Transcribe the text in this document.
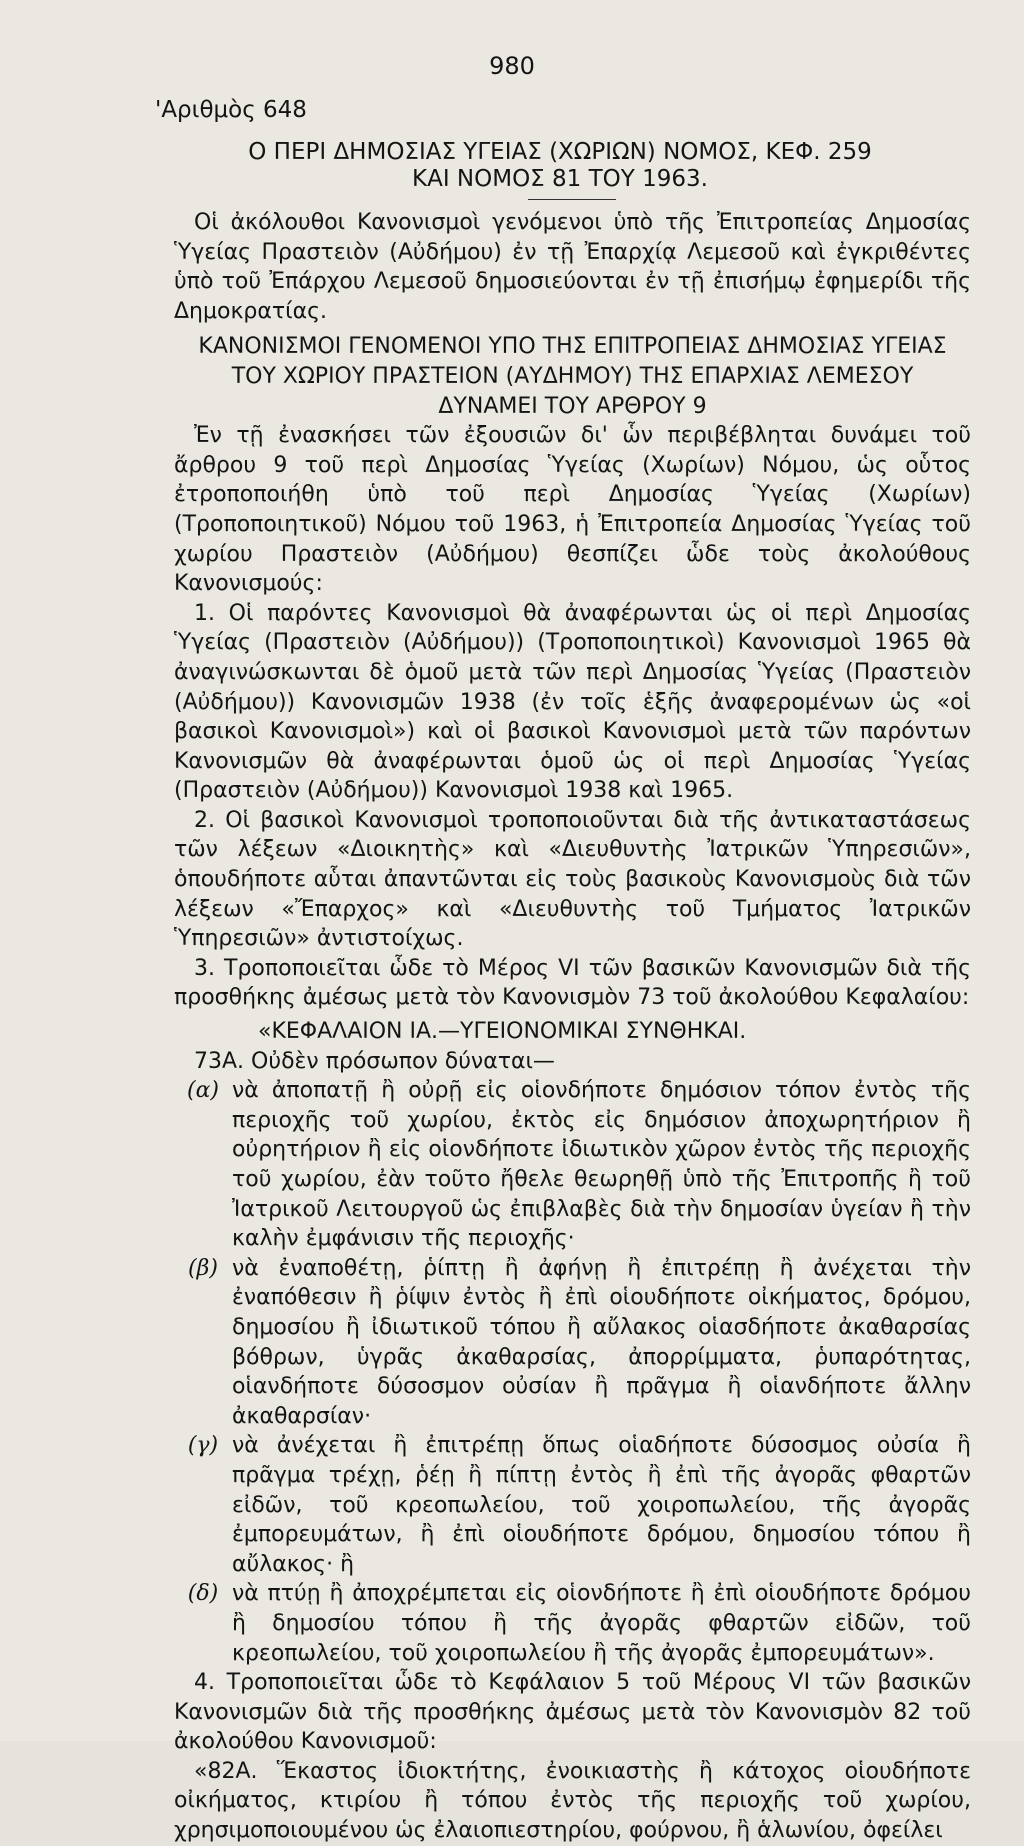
980
'Αριθμὸς 648
Ο ΠΕΡΙ ΔΗΜΟΣΙΑΣ ΥΓΕΙΑΣ (ΧΩΡΙΩΝ) ΝΟΜΟΣ, ΚΕΦ. 259
ΚΑΙ ΝΟΜΟΣ 81 ΤΟΥ 1963.

Οἱ ἀκόλουθοι Κανονισμοὶ γενόμενοι ὑπὸ τῆς Ἐπιτροπείας Δημοσίας Ὑγείας Πραστειὸν (Αὐδήμου) ἐν τῇ Ἐπαρχίᾳ Λεμεσοῦ καὶ ἐγκριθέντες ὑπὸ τοῦ Ἐπάρχου Λεμεσοῦ δημοσιεύονται ἐν τῇ ἐπισήμῳ ἐφημερίδι τῆς Δημοκρατίας.

ΚΑΝΟΝΙΣΜΟΙ ΓΕΝΟΜΕΝΟΙ ΥΠΟ ΤΗΣ ΕΠΙΤΡΟΠΕΙΑΣ ΔΗΜΟΣΙΑΣ ΥΓΕΙΑΣ ΤΟΥ ΧΩΡΙΟΥ ΠΡΑΣΤΕΙΟΝ (ΑΥΔΗΜΟΥ) ΤΗΣ ΕΠΑΡΧΙΑΣ ΛΕΜΕΣΟΥ ΔΥΝΑΜΕΙ ΤΟΥ ΑΡΘΡΟΥ 9

Ἐν τῇ ἐνασκήσει τῶν ἐξουσιῶν δι' ὧν περιβέβληται δυνάμει τοῦ ἄρθρου 9 τοῦ περὶ Δημοσίας Ὑγείας (Χωρίων) Νόμου, ὡς οὗτος ἐτροποποιήθη ὑπὸ τοῦ περὶ Δημοσίας Ὑγείας (Χωρίων) (Τροποποιητικοῦ) Νόμου τοῦ 1963, ἡ Ἐπιτροπεία Δημοσίας Ὑγείας τοῦ χωρίου Πραστειὸν (Αὐδήμου) θεσπίζει ὧδε τοὺς ἀκολούθους Κανονισμούς:

1. Οἱ παρόντες Κανονισμοὶ θὰ ἀναφέρωνται ὡς οἱ περὶ Δημοσίας Ὑγείας (Πραστειὸν (Αὐδήμου)) (Τροποποιητικοὶ) Κανονισμοὶ 1965 θὰ ἀναγινώσκωνται δὲ ὁμοῦ μετὰ τῶν περὶ Δημοσίας Ὑγείας (Πραστειὸν (Αὐδήμου)) Κανονισμῶν 1938 (ἐν τοῖς ἑξῆς ἀναφερομένων ὡς «οἱ βασικοὶ Κανονισμοὶ») καὶ οἱ βασικοὶ Κανονισμοὶ μετὰ τῶν παρόντων Κανονισμῶν θὰ ἀναφέρωνται ὁμοῦ ὡς οἱ περὶ Δημοσίας Ὑγείας (Πραστειὸν (Αὐδήμου)) Κανονισμοὶ 1938 καὶ 1965.

2. Οἱ βασικοὶ Κανονισμοὶ τροποποιοῦνται διὰ τῆς ἀντικαταστάσεως τῶν λέξεων «Διοικητὴς» καὶ «Διευθυντὴς Ἰατρικῶν Ὑπηρεσιῶν», ὁπουδήποτε αὗται ἀπαντῶνται εἰς τοὺς βασικοὺς Κανονισμοὺς διὰ τῶν λέξεων «Ἔπαρχος» καὶ «Διευθυντὴς τοῦ Τμήματος Ἰατρικῶν Ὑπηρεσιῶν» ἀντιστοίχως.

3. Τροποποιεῖται ὧδε τὸ Μέρος VI τῶν βασικῶν Κανονισμῶν διὰ τῆς προσθήκης ἀμέσως μετὰ τὸν Κανονισμὸν 73 τοῦ ἀκολούθου Κεφαλαίου:

«ΚΕΦΑΛΑΙΟΝ ΙΑ.—ΥΓΕΙΟΝΟΜΙΚΑΙ ΣΥΝΘΗΚΑΙ.

73Α. Οὐδὲν πρόσωπον δύναται—

(α) νὰ ἀποπατῇ ἢ οὐρῇ εἰς οἱονδήποτε δημόσιον τόπον ἐντὸς τῆς περιοχῆς τοῦ χωρίου, ἐκτὸς εἰς δημόσιον ἀποχωρητήριον ἢ οὐρητήριον ἢ εἰς οἱονδήποτε ἰδιωτικὸν χῶρον ἐντὸς τῆς περιοχῆς τοῦ χωρίου, ἐὰν τοῦτο ἤθελε θεωρηθῇ ὑπὸ τῆς Ἐπιτροπῆς ἢ τοῦ Ἰατρικοῦ Λειτουργοῦ ὡς ἐπιβλαβὲς διὰ τὴν δημοσίαν ὑγείαν ἢ τὴν καλὴν ἐμφάνισιν τῆς περιοχῆς·
(β) νὰ ἐναποθέτῃ, ῥίπτῃ ἢ ἀφήνῃ ἢ ἐπιτρέπῃ ἢ ἀνέχεται τὴν ἐναπόθεσιν ἢ ῥίψιν ἐντὸς ἢ ἐπὶ οἱουδήποτε οἰκήματος, δρόμου, δημοσίου ἢ ἰδιωτικοῦ τόπου ἢ αὔλακος οἱασδήποτε ἀκαθαρσίας βόθρων, ὑγρᾶς ἀκαθαρσίας, ἀπορρίμματα, ῥυπαρότητας, οἱανδήποτε δύσοσμον οὐσίαν ἢ πρᾶγμα ἢ οἱανδήποτε ἄλλην ἀκαθαρσίαν·
(γ) νὰ ἀνέχεται ἢ ἐπιτρέπῃ ὅπως οἱαδήποτε δύσοσμος οὐσία ἢ πρᾶγμα τρέχῃ, ῥέῃ ἢ πίπτῃ ἐντὸς ἢ ἐπὶ τῆς ἀγορᾶς φθαρτῶν εἰδῶν, τοῦ κρεοπωλείου, τοῦ χοιροπωλείου, τῆς ἀγορᾶς ἐμπορευμάτων, ἢ ἐπὶ οἱουδήποτε δρόμου, δημοσίου τόπου ἢ αὔλακος· ἢ
(δ) νὰ πτύῃ ἢ ἀποχρέμπεται εἰς οἱονδήποτε ἢ ἐπὶ οἱουδήποτε δρόμου ἢ δημοσίου τόπου ἢ τῆς ἀγορᾶς φθαρτῶν εἰδῶν, τοῦ κρεοπωλείου, τοῦ χοιροπωλείου ἢ τῆς ἀγορᾶς ἐμπορευμάτων».

4. Τροποποιεῖται ὧδε τὸ Κεφάλαιον 5 τοῦ Μέρους VI τῶν βασικῶν Κανονισμῶν διὰ τῆς προσθήκης ἀμέσως μετὰ τὸν Κανονισμὸν 82 τοῦ ἀκολούθου Κανονισμοῦ:

«82Α. Ἕκαστος ἰδιοκτήτης, ἐνοικιαστὴς ἢ κάτοχος οἱουδήποτε οἰκήματος, κτιρίου ἢ τόπου ἐντὸς τῆς περιοχῆς τοῦ χωρίου, χρησιμοποιουμένου ὡς ἐλαιοπιεστηρίου, φούρνου, ἢ ἁλωνίου, ὀφείλει
